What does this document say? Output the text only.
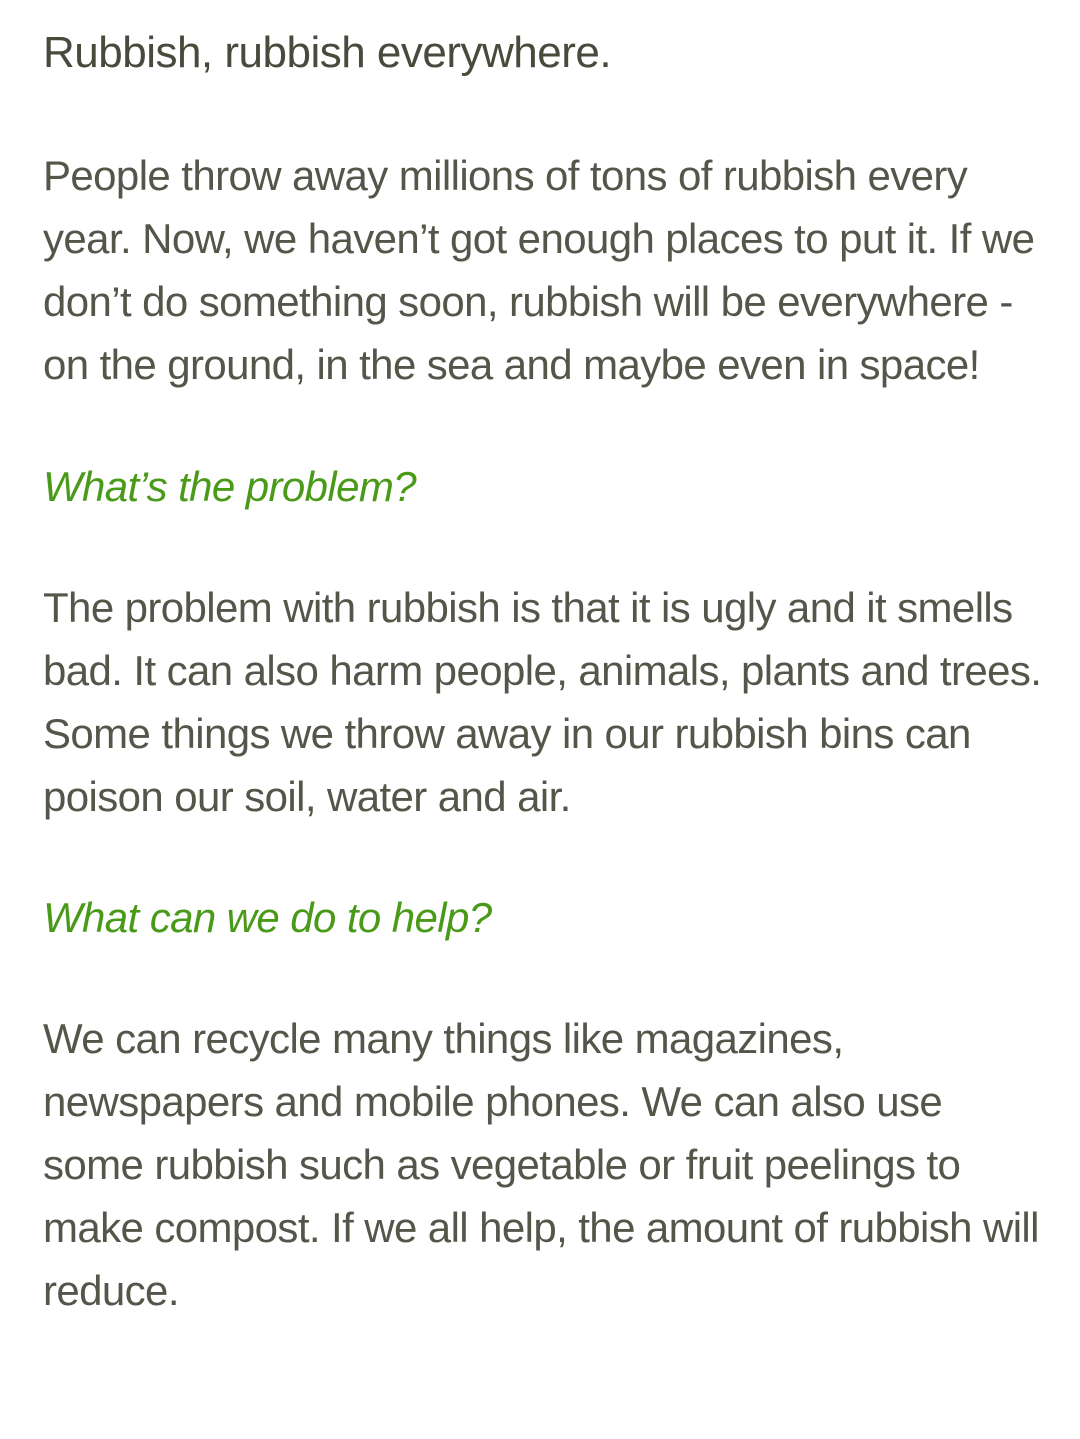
Rubbish, rubbish everywhere.

People throw away millions of tons of rubbish every year. Now, we haven’t got enough places to put it. If we don’t do something soon, rubbish will be everywhere - on the ground, in the sea and maybe even in space!

What’s the problem?

The problem with rubbish is that it is ugly and it smells bad. It can also harm people, animals, plants and trees. Some things we throw away in our rubbish bins can poison our soil, water and air.

What can we do to help?

We can recycle many things like magazines, newspapers and mobile phones. We can also use some rubbish such as vegetable or fruit peelings to make compost. If we all help, the amount of rubbish will reduce.
